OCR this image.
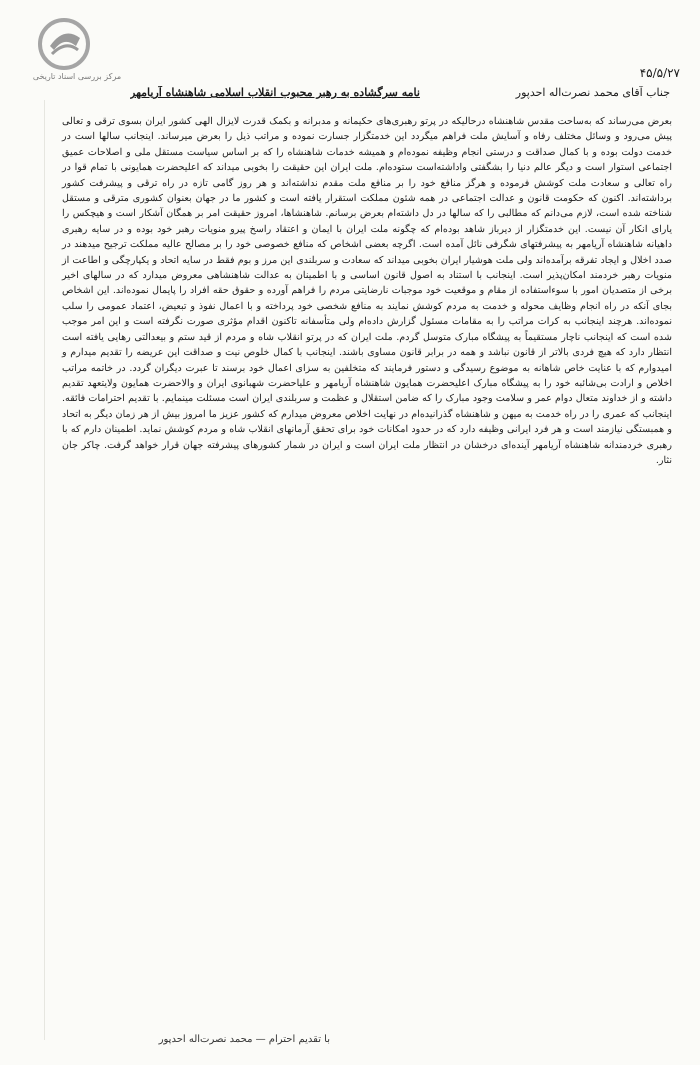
مرکز بررسی اسناد تاریخی	۴۵/۵/۲۷
جناب آقای محمد نصرت‌اله احدپور
نامه سرگشاده به رهبر محبوب انقلاب اسلامی شاهنشاه آریامهر

بعرض می‌رساند که به‌ساحت مقدس شاهنشاه درحالیکه در پرتو رهبری‌های حکیمانه و مدبرانه و بکمک قدرت لایزال الهی کشور ایران بسوی ترقی و تعالی پیش می‌رود و وسائل مختلف رفاه و آسایش ملت فراهم میگردد این خدمتگزار جسارت نموده و مراتب ذیل را بعرض میرساند. اینجانب سالها است در خدمت دولت بوده و با کمال صداقت و درستی انجام وظیفه نموده‌ام و همیشه خدمات شاهنشاه را که بر اساس سیاست مستقل ملی و اصلاحات عمیق اجتماعی استوار است و دیگر عالم دنیا را بشگفتی واداشته‌است ستوده‌ام. ملت ایران این حقیقت را بخوبی میداند که اعلیحضرت همایونی با تمام قوا در راه تعالی و سعادت ملت کوشش فرموده و هرگز منافع خود را بر منافع ملت مقدم نداشته‌اند و هر روز گامی تازه در راه ترقی و پیشرفت کشور برداشته‌اند. اکنون که حکومت قانون و عدالت اجتماعی در همه شئون مملکت استقرار یافته است و کشور ما در جهان بعنوان کشوری مترقی و مستقل شناخته شده است، لازم می‌دانم که مطالبی را که سالها در دل داشته‌ام بعرض برسانم. شاهنشاها، امروز حقیقت امر بر همگان آشکار است و هیچکس را یارای انکار آن نیست. این خدمتگزار از دیرباز شاهد بوده‌ام که چگونه ملت ایران با ایمان و اعتقاد راسخ پیرو منویات رهبر خود بوده و در سایه رهبری داهیانه شاهنشاه آریامهر به پیشرفتهای شگرفی نائل آمده است. اگرچه بعضی اشخاص که منافع خصوصی خود را بر مصالح عالیه مملکت ترجیح میدهند در صدد اخلال و ایجاد تفرقه برآمده‌اند ولی ملت هوشیار ایران بخوبی میداند که سعادت و سربلندی این مرز و بوم فقط در سایه اتحاد و یکپارچگی و اطاعت از منویات رهبر خردمند امکان‌پذیر است. اینجانب با استناد به اصول قانون اساسی و با اطمینان به عدالت شاهنشاهی معروض میدارد که در سالهای اخیر برخی از متصدیان امور با سوءاستفاده از مقام و موقعیت خود موجبات نارضایتی مردم را فراهم آورده و حقوق حقه افراد را پایمال نموده‌اند. این اشخاص بجای آنکه در راه انجام وظایف محوله و خدمت به مردم کوشش نمایند به منافع شخصی خود پرداخته و با اعمال نفوذ و تبعیض، اعتماد عمومی را سلب نموده‌اند. هرچند اینجانب به کرات مراتب را به مقامات مسئول گزارش داده‌ام ولی متأسفانه تاکنون اقدام مؤثری صورت نگرفته است و این امر موجب شده است که اینجانب ناچار مستقیماً به پیشگاه مبارک متوسل گردم. ملت ایران که در پرتو انقلاب شاه و مردم از قید ستم و بیعدالتی رهایی یافته است انتظار دارد که هیچ فردی بالاتر از قانون نباشد و همه در برابر قانون مساوی باشند. اینجانب با کمال خلوص نیت و صداقت این عریضه را تقدیم میدارم و امیدوارم که با عنایت خاص شاهانه به موضوع رسیدگی و دستور فرمایند که متخلفین به سزای اعمال خود برسند تا عبرت دیگران گردد. در خاتمه مراتب اخلاص و ارادت بی‌شائبه خود را به پیشگاه مبارک اعلیحضرت همایون شاهنشاه آریامهر و علیاحضرت شهبانوی ایران و والاحضرت همایون ولایتعهد تقدیم داشته و از خداوند متعال دوام عمر و سلامت وجود مبارک را که ضامن استقلال و عظمت و سربلندی ایران است مسئلت مینمایم. با تقدیم احترامات فائقه. اینجانب که عمری را در راه خدمت به میهن و شاهنشاه گذرانیده‌ام در نهایت اخلاص معروض میدارم که کشور عزیز ما امروز بیش از هر زمان دیگر به اتحاد و همبستگی نیازمند است و هر فرد ایرانی وظیفه دارد که در حدود امکانات خود برای تحقق آرمانهای انقلاب شاه و مردم کوشش نماید. اطمینان دارم که با رهبری خردمندانه شاهنشاه آریامهر آینده‌ای درخشان در انتظار ملت ایران است و ایران در شمار کشورهای پیشرفته جهان قرار خواهد گرفت. چاکر جان نثار.

با تقدیم احترام — محمد نصرت‌اله احدپور
